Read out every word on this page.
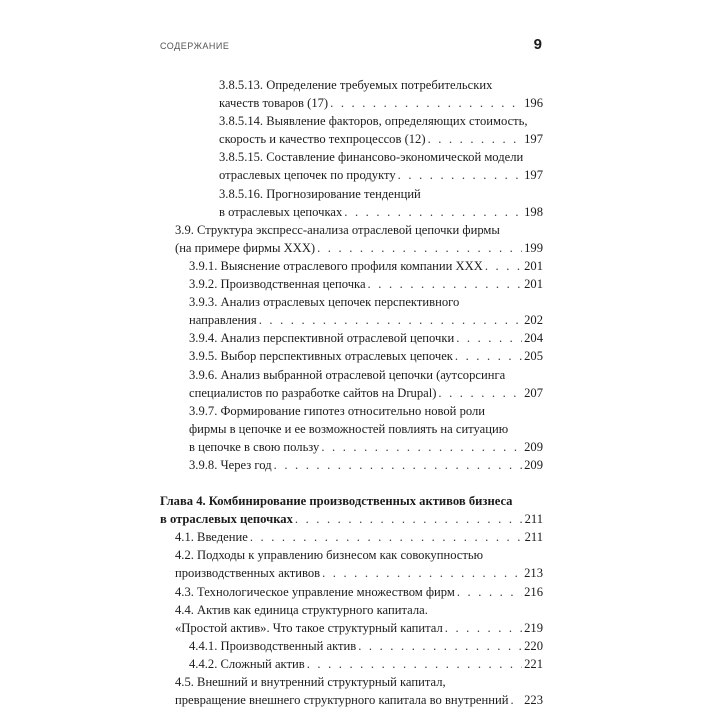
СОДЕРЖАНИЕ	9
3.8.5.13. Определение требуемых потребительских
качеств товаров (17) . . .	196
3.8.5.14. Выявление факторов, определяющих стоимость,
скорость и качество техпроцессов (12) . . .	197
3.8.5.15. Составление финансово-экономической модели
отраслевых цепочек по продукту . . .	197
3.8.5.16. Прогнозирование тенденций
в отраслевых цепочках . . .	198
3.9. Структура экспресс-анализа отраслевой цепочки фирмы
(на примере фирмы XXX) . . .	199
3.9.1. Выяснение отраслевого профиля компании XXX . . .	201
3.9.2. Производственная цепочка . . .	201
3.9.3. Анализ отраслевых цепочек перспективного
направления . . .	202
3.9.4. Анализ перспективной отраслевой цепочки . . .	204
3.9.5. Выбор перспективных отраслевых цепочек . . .	205
3.9.6. Анализ выбранной отраслевой цепочки (аутсорсинга
специалистов по разработке сайтов на Drupal) . . .	207
3.9.7. Формирование гипотез относительно новой роли
фирмы в цепочке и ее возможностей повлиять на ситуацию
в цепочке в свою пользу . . .	209
3.9.8. Через год . . .	209
Глава 4. Комбинирование производственных активов бизнеса
в отраслевых цепочках . . .	211
4.1. Введение . . .	211
4.2. Подходы к управлению бизнесом как совокупностью
производственных активов . . .	213
4.3. Технологическое управление множеством фирм . . .	216
4.4. Актив как единица структурного капитала.
«Простой актив». Что такое структурный капитал . . .	219
4.4.1. Производственный актив . . .	220
4.4.2. Сложный актив . . .	221
4.5. Внешний и внутренний структурный капитал,
превращение внешнего структурного капитала во внутренний . . . 223
